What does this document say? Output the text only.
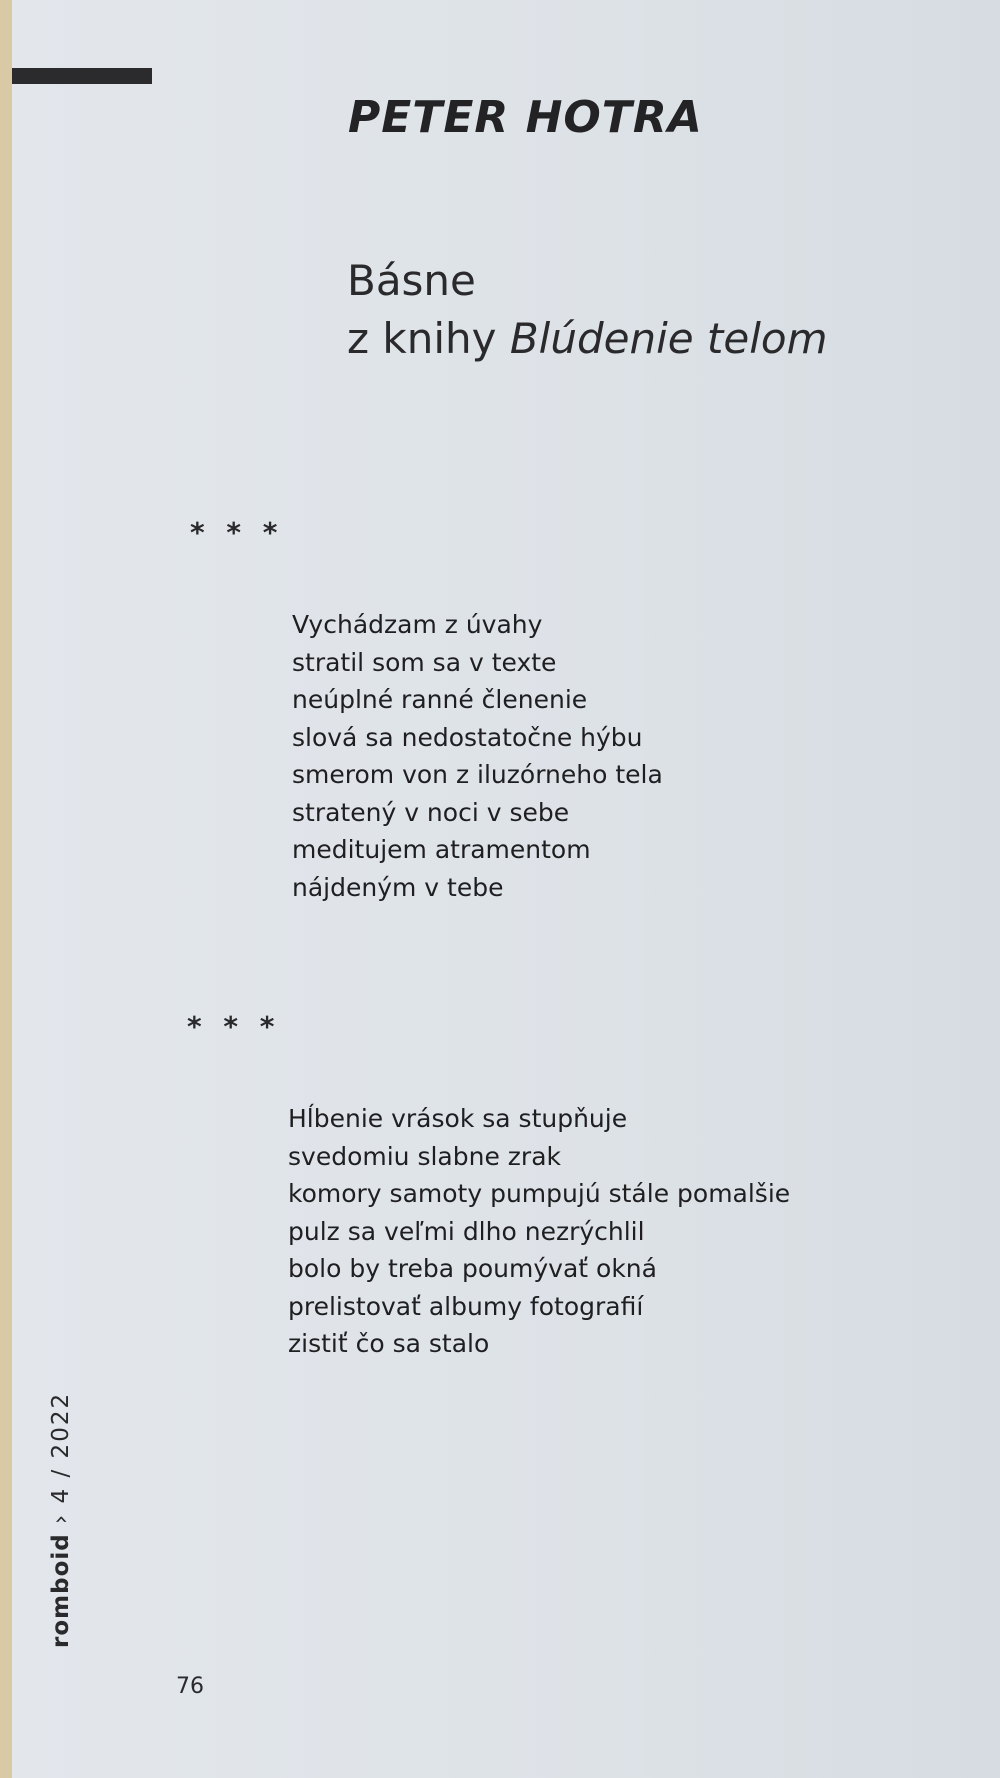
PETER HOTRA
Básne
z knihy Blúdenie telom
* * *
Vychádzam z úvahy
stratil som sa v texte
neúplné ranné členenie
slová sa nedostatočne hýbu
smerom von z iluzórneho tela
stratený v noci v sebe
meditujem atramentom
nájdeným v tebe
* * *
Hĺbenie vrások sa stupňuje
svedomiu slabne zrak
komory samoty pumpujú stále pomalšie
pulz sa veľmi dlho nezrýchlil
bolo by treba poumývať okná
prelistovať albumy fotografií
zistiť čo sa stalo
romboid › 4 / 2022
76
